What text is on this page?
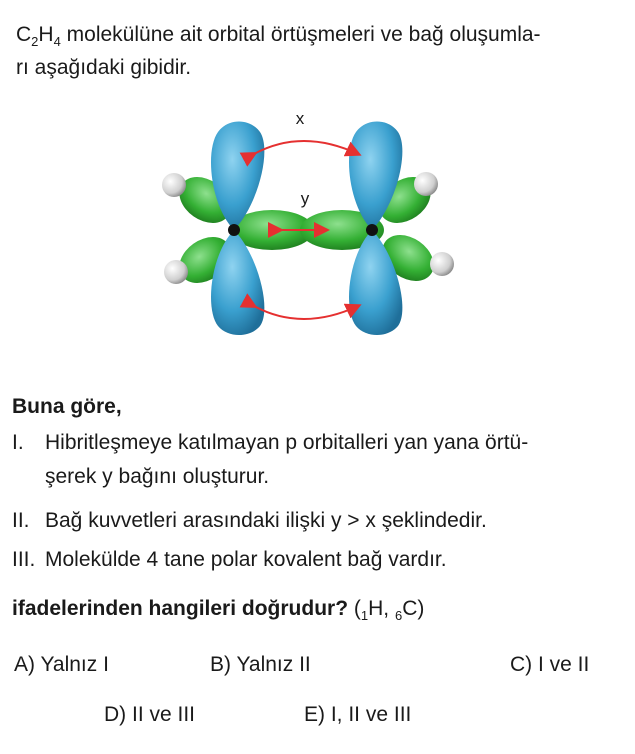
$C_2H_4$ molekülüne ait orbital örtüşmeleri ve bağ oluşumla-
rı aşağıdaki gibidir.
x
y
Buna göre,
I. Hibritleşmeye katılmayan p orbitalleri yan yana örtü-
şerek y bağını oluşturur.
II. Bağ kuvvetleri arasındaki ilişki y > x şeklindedir.
III. Molekülde 4 tane polar kovalent bağ vardır.
ifadelerinden hangileri doğrudur? ($_1H$, $_6$C)
A) Yalnız I	B) Yalnız II	C) I ve II
D) II ve III	E) I, II ve III
